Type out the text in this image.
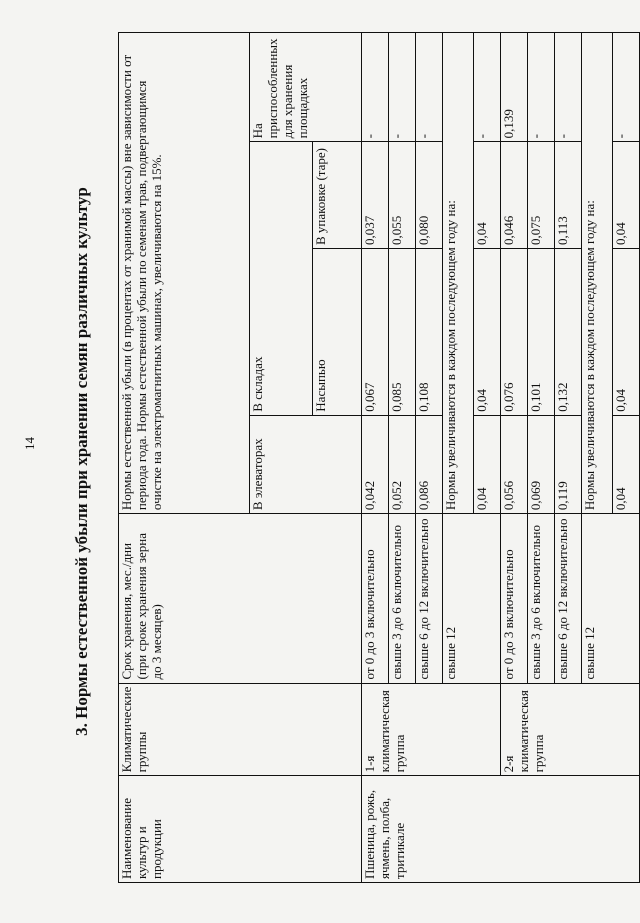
14 3. Нормы естественной убыли при хранении семян различных культур
Наименование культур и продукции	Климатические группы	Срок хранения, мес./дни (при сроке хранения зерна до 3 месяцев)	Нормы естественной убыли (в процентах от хранимой массы) вне зависимости от периода года. Нормы естественной убыли по семенам трав, подвергающимся очистке на электромагнитных машинах, увеличиваются на 15%.			
			В элеваторах	В складах		На приспособленных для хранения площадках
				Насыпью	В упаковке (таре)	
Пшеница, рожь, ячмень, полба, тритикале	1-я климатическая группа	от 0 до 3 включительно	0,042	0,067	0,037	-
		свыше 3 до 6 включительно	0,052	0,085	0,055	-
		свыше 6 до 12 включительно	0,086	0,108	0,080	-
		свыше 12	Нормы увеличиваются в каждом последующем году на:			
			0,04	0,04	0,04	-
	2-я климатическая группа	от 0 до 3 включительно	0,056	0,076	0,046	0,139
		свыше 3 до 6 включительно	0,069	0,101	0,075	-
		свыше 6 до 12 включительно	0,119	0,132	0,113	-
		свыше 12	Нормы увеличиваются в каждом последующем году на:			
			0,04	0,04	0,04	-
